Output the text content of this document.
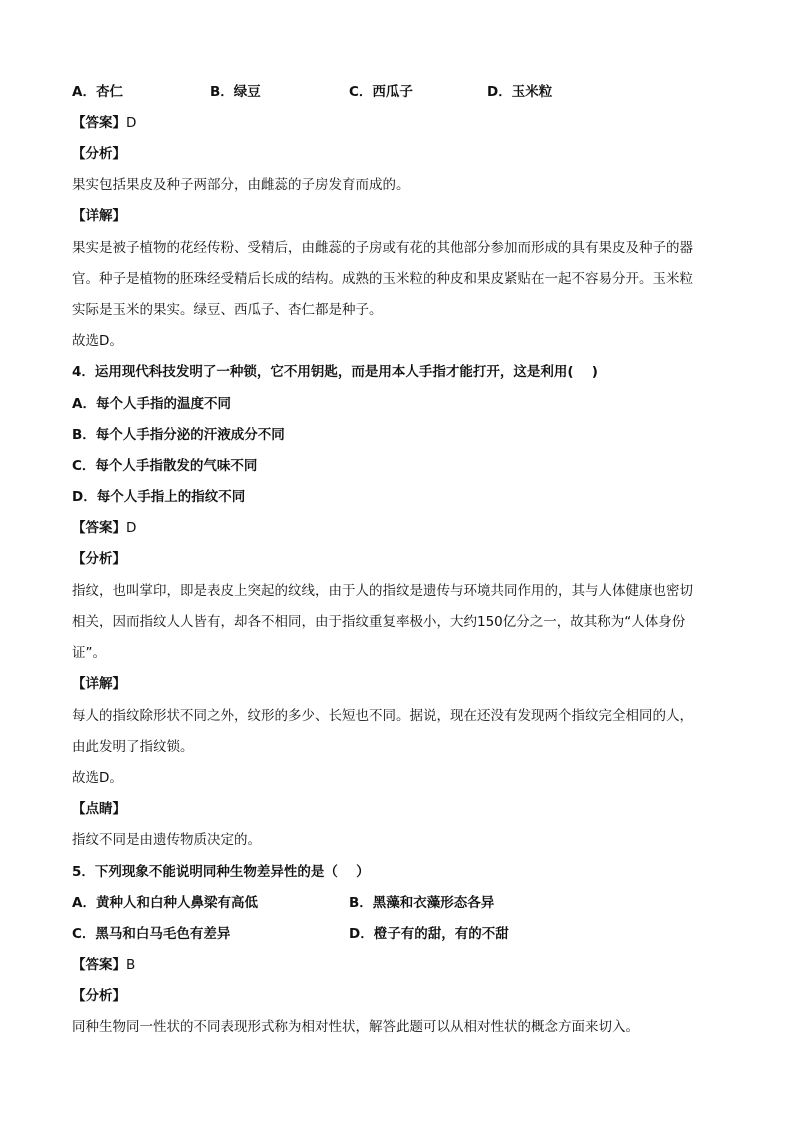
A．杏仁	B．绿豆	C．西瓜子	D．玉米粒
【答案】D
【分析】
果实包括果皮及种子两部分，由雌蕊的子房发育而成的。
【详解】
果实是被子植物的花经传粉、受精后，由雌蕊的子房或有花的其他部分参加而形成的具有果皮及种子的器
官。种子是植物的胚珠经受精后长成的结构。成熟的玉米粒的种皮和果皮紧贴在一起不容易分开。玉米粒
实际是玉米的果实。绿豆、西瓜子、杏仁都是种子。
故选D。
4．运用现代科技发明了一种锁，它不用钥匙，而是用本人手指才能打开，这是利用(　 )
A．每个人手指的温度不同
B．每个人手指分泌的汗液成分不同
C．每个人手指散发的气味不同
D．每个人手指上的指纹不同
【答案】D
【分析】
指纹，也叫掌印，即是表皮上突起的纹线，由于人的指纹是遗传与环境共同作用的，其与人体健康也密切
相关，因而指纹人人皆有，却各不相同，由于指纹重复率极小，大约150亿分之一，故其称为“人体身份
证”。
【详解】
每人的指纹除形状不同之外，纹形的多少、长短也不同。据说，现在还没有发现两个指纹完全相同的人，
由此发明了指纹锁。
故选D。
【点睛】
指纹不同是由遗传物质决定的。
5．下列现象不能说明同种生物差异性的是（　 ）
A．黄种人和白种人鼻梁有高低	B．黑藻和衣藻形态各异
C．黑马和白马毛色有差异	D．橙子有的甜，有的不甜
【答案】B
【分析】
同种生物同一性状的不同表现形式称为相对性状，解答此题可以从相对性状的概念方面来切入。
